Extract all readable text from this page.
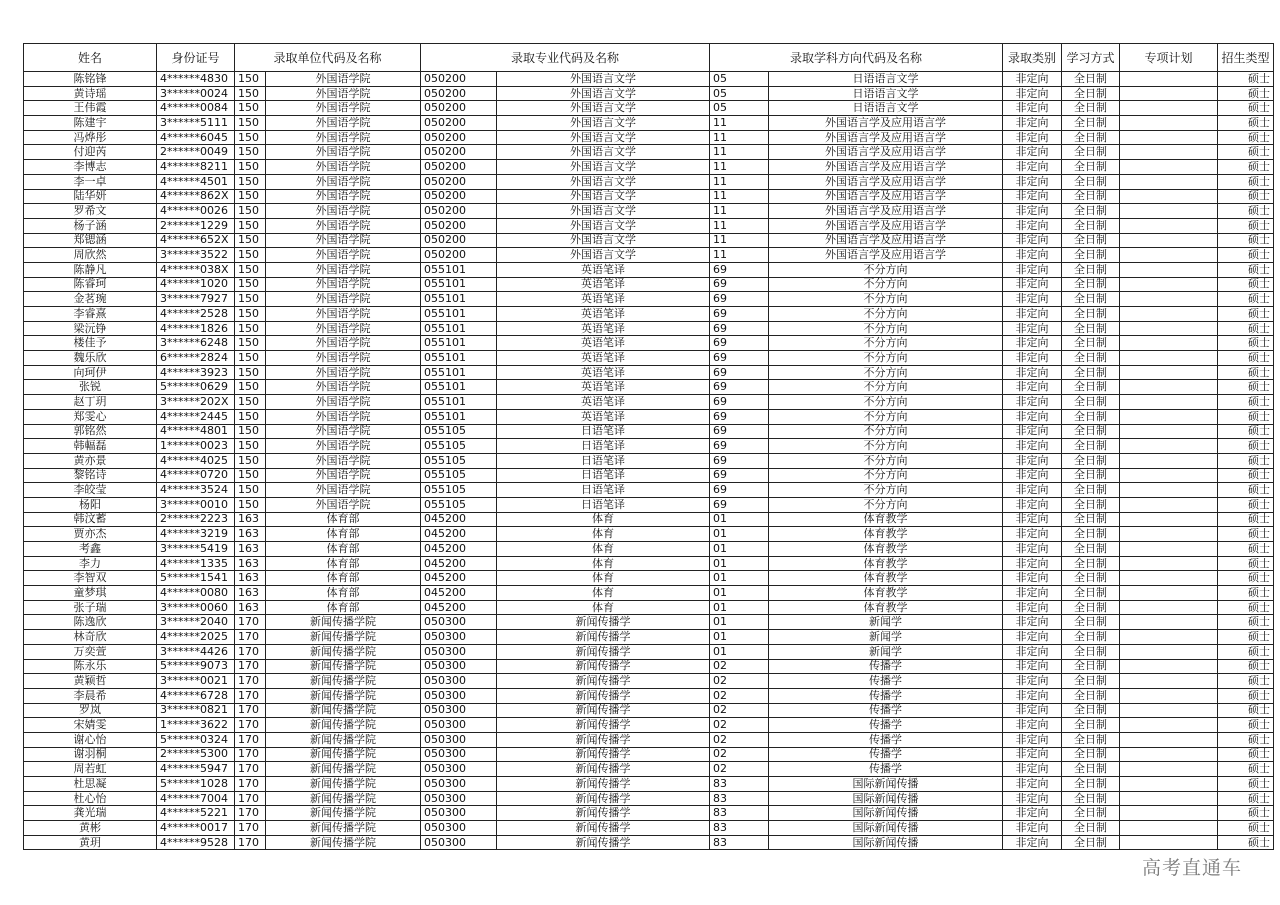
姓名	身份证号	录取单位代码及名称		录取专业代码及名称		录取学科方向代码及名称		录取类别	学习方式	专项计划	招生类型
陈铭锋	4******4830	150	外国语学院	050200	外国语言文学	05	日语语言文学	非定向	全日制		硕士
黄诗瑶	3******0024	150	外国语学院	050200	外国语言文学	05	日语语言文学	非定向	全日制		硕士
王伟霞	4******0084	150	外国语学院	050200	外国语言文学	05	日语语言文学	非定向	全日制		硕士
陈建宇	3******5111	150	外国语学院	050200	外国语言文学	11	外国语言学及应用语言学	非定向	全日制		硕士
冯烨彤	4******6045	150	外国语学院	050200	外国语言文学	11	外国语言学及应用语言学	非定向	全日制		硕士
付迎芮	2******0049	150	外国语学院	050200	外国语言文学	11	外国语言学及应用语言学	非定向	全日制		硕士
李博志	4******8211	150	外国语学院	050200	外国语言文学	11	外国语言学及应用语言学	非定向	全日制		硕士
李一卓	4******4501	150	外国语学院	050200	外国语言文学	11	外国语言学及应用语言学	非定向	全日制		硕士
陆华妍	4******862X	150	外国语学院	050200	外国语言文学	11	外国语言学及应用语言学	非定向	全日制		硕士
罗希文	4******0026	150	外国语学院	050200	外国语言文学	11	外国语言学及应用语言学	非定向	全日制		硕士
杨子涵	2******1229	150	外国语学院	050200	外国语言文学	11	外国语言学及应用语言学	非定向	全日制		硕士
郑锶涵	4******652X	150	外国语学院	050200	外国语言文学	11	外国语言学及应用语言学	非定向	全日制		硕士
周欣然	3******3522	150	外国语学院	050200	外国语言文学	11	外国语言学及应用语言学	非定向	全日制		硕士
陈静凡	4******038X	150	外国语学院	055101	英语笔译	69	不分方向	非定向	全日制		硕士
陈睿珂	4******1020	150	外国语学院	055101	英语笔译	69	不分方向	非定向	全日制		硕士
金茗琬	3******7927	150	外国语学院	055101	英语笔译	69	不分方向	非定向	全日制		硕士
李睿熹	4******2528	150	外国语学院	055101	英语笔译	69	不分方向	非定向	全日制		硕士
梁沅铮	4******1826	150	外国语学院	055101	英语笔译	69	不分方向	非定向	全日制		硕士
楼佳予	3******6248	150	外国语学院	055101	英语笔译	69	不分方向	非定向	全日制		硕士
魏乐欣	6******2824	150	外国语学院	055101	英语笔译	69	不分方向	非定向	全日制		硕士
向珂伊	4******3923	150	外国语学院	055101	英语笔译	69	不分方向	非定向	全日制		硕士
张锐	5******0629	150	外国语学院	055101	英语笔译	69	不分方向	非定向	全日制		硕士
赵丁玥	3******202X	150	外国语学院	055101	英语笔译	69	不分方向	非定向	全日制		硕士
郑雯心	4******2445	150	外国语学院	055101	英语笔译	69	不分方向	非定向	全日制		硕士
郭铭然	4******4801	150	外国语学院	055105	日语笔译	69	不分方向	非定向	全日制		硕士
韩輻磊	1******0023	150	外国语学院	055105	日语笔译	69	不分方向	非定向	全日制		硕士
黄亦景	4******4025	150	外国语学院	055105	日语笔译	69	不分方向	非定向	全日制		硕士
黎铭诗	4******0720	150	外国语学院	055105	日语笔译	69	不分方向	非定向	全日制		硕士
李皎莹	4******3524	150	外国语学院	055105	日语笔译	69	不分方向	非定向	全日制		硕士
杨阳	3******0010	150	外国语学院	055105	日语笔译	69	不分方向	非定向	全日制		硕士
韩汶蓄	2******2223	163	体育部	045200	体育	01	体育教学	非定向	全日制		硕士
贾亦杰	4******3219	163	体育部	045200	体育	01	体育教学	非定向	全日制		硕士
考鑫	3******5419	163	体育部	045200	体育	01	体育教学	非定向	全日制		硕士
李力	4******1335	163	体育部	045200	体育	01	体育教学	非定向	全日制		硕士
李智双	5******1541	163	体育部	045200	体育	01	体育教学	非定向	全日制		硕士
童梦琪	4******0080	163	体育部	045200	体育	01	体育教学	非定向	全日制		硕士
张子瑞	3******0060	163	体育部	045200	体育	01	体育教学	非定向	全日制		硕士
陈逸欣	3******2040	170	新闻传播学院	050300	新闻传播学	01	新闻学	非定向	全日制		硕士
林奇欣	4******2025	170	新闻传播学院	050300	新闻传播学	01	新闻学	非定向	全日制		硕士
万奕萱	3******4426	170	新闻传播学院	050300	新闻传播学	01	新闻学	非定向	全日制		硕士
陈永乐	5******9073	170	新闻传播学院	050300	新闻传播学	02	传播学	非定向	全日制		硕士
黄颖哲	3******0021	170	新闻传播学院	050300	新闻传播学	02	传播学	非定向	全日制		硕士
李晨希	4******6728	170	新闻传播学院	050300	新闻传播学	02	传播学	非定向	全日制		硕士
罗岚	3******0821	170	新闻传播学院	050300	新闻传播学	02	传播学	非定向	全日制		硕士
宋婧雯	1******3622	170	新闻传播学院	050300	新闻传播学	02	传播学	非定向	全日制		硕士
谢心怡	5******0324	170	新闻传播学院	050300	新闻传播学	02	传播学	非定向	全日制		硕士
谢羽桐	2******5300	170	新闻传播学院	050300	新闻传播学	02	传播学	非定向	全日制		硕士
周若虹	4******5947	170	新闻传播学院	050300	新闻传播学	02	传播学	非定向	全日制		硕士
杜思凝	5******1028	170	新闻传播学院	050300	新闻传播学	83	国际新闻传播	非定向	全日制		硕士
杜心怡	4******7004	170	新闻传播学院	050300	新闻传播学	83	国际新闻传播	非定向	全日制		硕士
龚光瑞	4******5221	170	新闻传播学院	050300	新闻传播学	83	国际新闻传播	非定向	全日制		硕士
黄彬	4******0017	170	新闻传播学院	050300	新闻传播学	83	国际新闻传播	非定向	全日制		硕士
黄玥	4******9528	170	新闻传播学院	050300	新闻传播学	83	国际新闻传播	非定向	全日制		硕士
高考直通车
